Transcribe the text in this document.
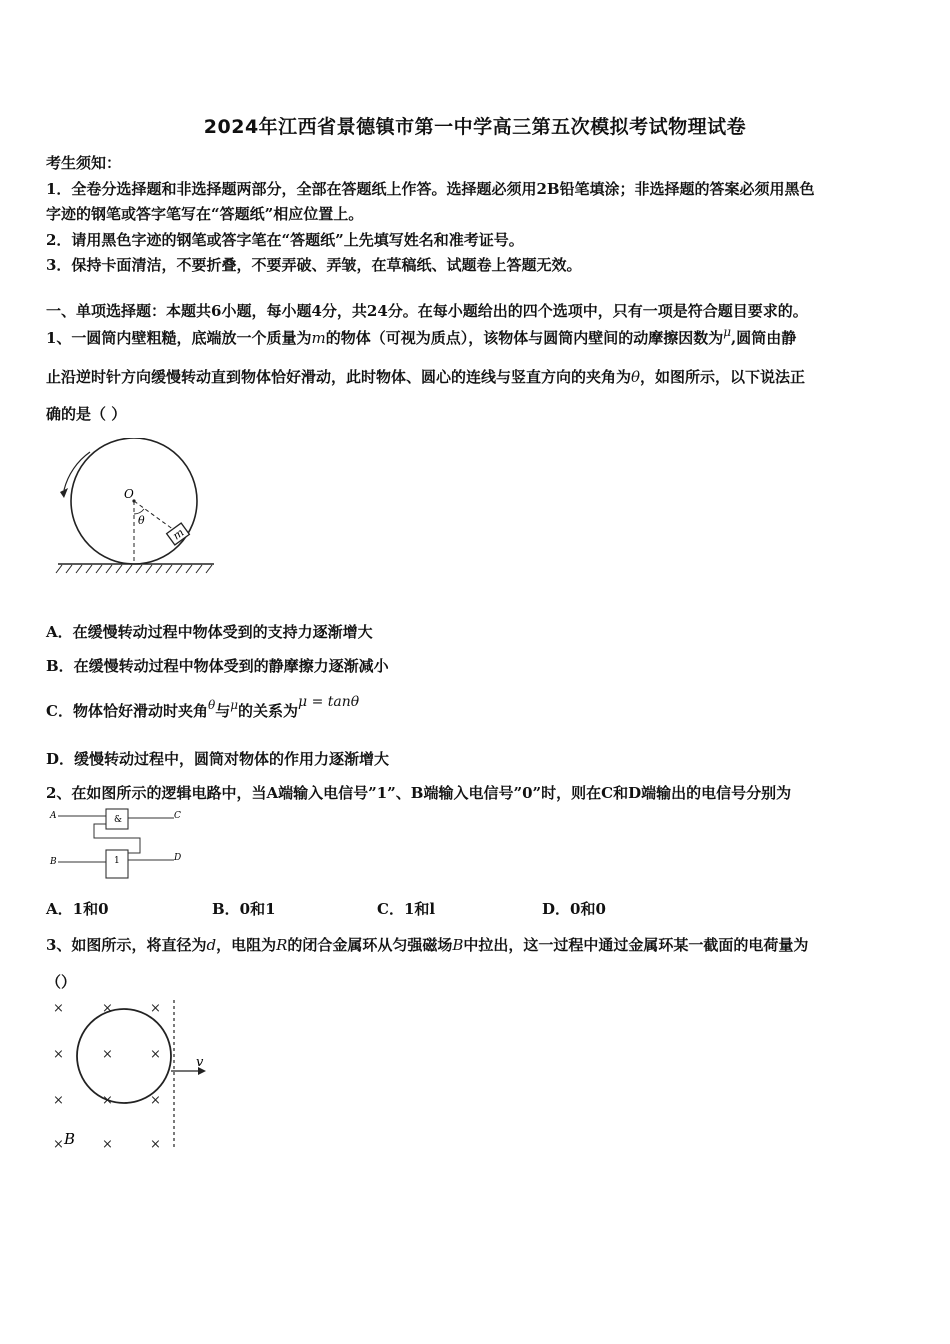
2024年江西省景德镇市第一中学高三第五次模拟考试物理试卷
考生须知：
1．全卷分选择题和非选择题两部分，全部在答题纸上作答。选择题必须用2B铅笔填涂；非选择题的答案必须用黑色
字迹的钢笔或答字笔写在“答题纸”相应位置上。
2．请用黑色字迹的钢笔或答字笔在“答题纸”上先填写姓名和准考证号。
3．保持卡面清洁，不要折叠，不要弄破、弄皱，在草稿纸、试题卷上答题无效。
一、单项选择题：本题共6小题，每小题4分，共24分。在每小题给出的四个选项中，只有一项是符合题目要求的。
1、一圆筒内壁粗糙，底端放一个质量为m的物体（可视为质点），该物体与圆筒内壁间的动摩擦因数为$^\mu$,圆筒由静
止沿逆时针方向缓慢转动直到物体恰好滑动，此时物体、圆心的连线与竖直方向的夹角为θ，如图所示，以下说法正
确的是（ ）
m
O
θ
A．在缓慢转动过程中物体受到的支持力逐渐增大
B．在缓慢转动过程中物体受到的静摩擦力逐渐减小
C．物体恰好滑动时夹角$^\theta$与$^\mu$的关系为μ = tanθ
D．缓慢转动过程中，圆筒对物体的作用力逐渐增大
2、在如图所示的逻辑电路中，当A端输入电信号”1”、B端输入电信号”0”时，则在C和D端输出的电信号分别为
A	&	C
B	1	D
A．1和0	B．0和1	C．1和l	D．0和0
3、如图所示，将直径为d，电阻为R的闭合金属环从匀强磁场B中拉出，这一过程中通过金属环某一截面的电荷量为
（）
×	×	×
×	×	×
×	×	×
×	×	×
B
v
